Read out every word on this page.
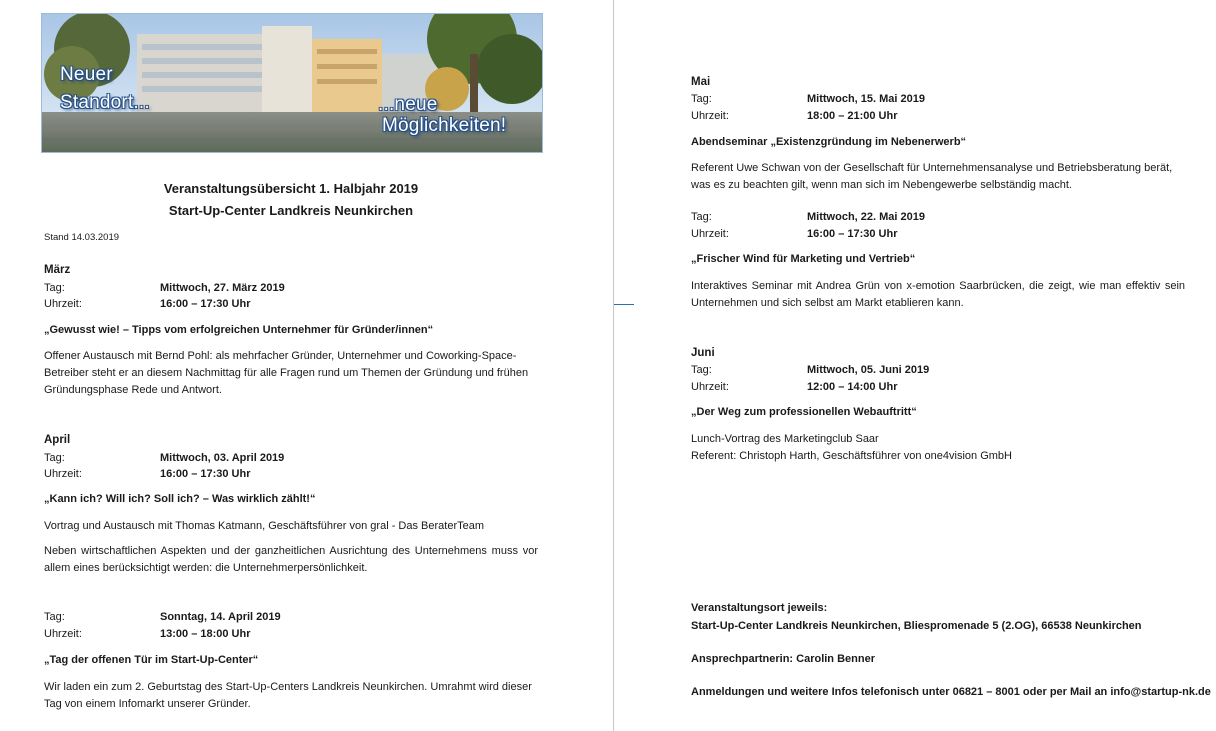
Neuer
Standort...	...neue
Möglichkeiten!
Veranstaltungsübersicht 1. Halbjahr 2019
Start-Up-Center Landkreis Neunkirchen
Stand 14.03.2019
März
Tag:	Mittwoch, 27. März 2019
Uhrzeit:	16:00 – 17:30 Uhr
„Gewusst wie! – Tipps vom erfolgreichen Unternehmer für Gründer/innen“
Offener Austausch mit Bernd Pohl: als mehrfacher Gründer, Unternehmer und Coworking-Space-Betreiber steht er an diesem Nachmittag für alle Fragen rund um Themen der Gründung und frühen Gründungsphase Rede und Antwort.
April
Tag:	Mittwoch, 03. April 2019
Uhrzeit:	16:00 – 17:30 Uhr
„Kann ich? Will ich? Soll ich? – Was wirklich zählt!“
Vortrag und Austausch mit Thomas Katmann, Geschäftsführer von gral - Das BeraterTeam
Neben wirtschaftlichen Aspekten und der ganzheitlichen Ausrichtung des Unternehmens muss vor allem eines berücksichtigt werden: die Unternehmerpersönlichkeit.
Tag:	Sonntag, 14. April 2019
Uhrzeit:	13:00 – 18:00 Uhr
„Tag der offenen Tür im Start-Up-Center“
Wir laden ein zum 2. Geburtstag des Start-Up-Centers Landkreis Neunkirchen. Umrahmt wird dieser Tag von einem Infomarkt unserer Gründer.
Mai
Tag:	Mittwoch, 15. Mai 2019
Uhrzeit:	18:00 – 21:00 Uhr
Abendseminar „Existenzgründung im Nebenerwerb“
Referent Uwe Schwan von der Gesellschaft für Unternehmensanalyse und Betriebsberatung berät, was es zu beachten gilt, wenn man sich im Nebengewerbe selbständig macht.
Tag:	Mittwoch, 22. Mai 2019
Uhrzeit:	16:00 – 17:30 Uhr
„Frischer Wind für Marketing und Vertrieb“
Interaktives Seminar mit Andrea Grün von x-emotion Saarbrücken, die zeigt, wie man effektiv sein Unternehmen und sich selbst am Markt etablieren kann.
Juni
Tag:	Mittwoch, 05. Juni 2019
Uhrzeit:	12:00 – 14:00 Uhr
„Der Weg zum professionellen Webauftritt“
Lunch-Vortrag des Marketingclub Saar
Referent: Christoph Harth, Geschäftsführer von one4vision GmbH
Veranstaltungsort jeweils:
Start-Up-Center Landkreis Neunkirchen, Bliespromenade 5 (2.OG), 66538 Neunkirchen
Ansprechpartnerin: Carolin Benner
Anmeldungen und weitere Infos telefonisch unter 06821 – 8001 oder per Mail an info@startup-nk.de
